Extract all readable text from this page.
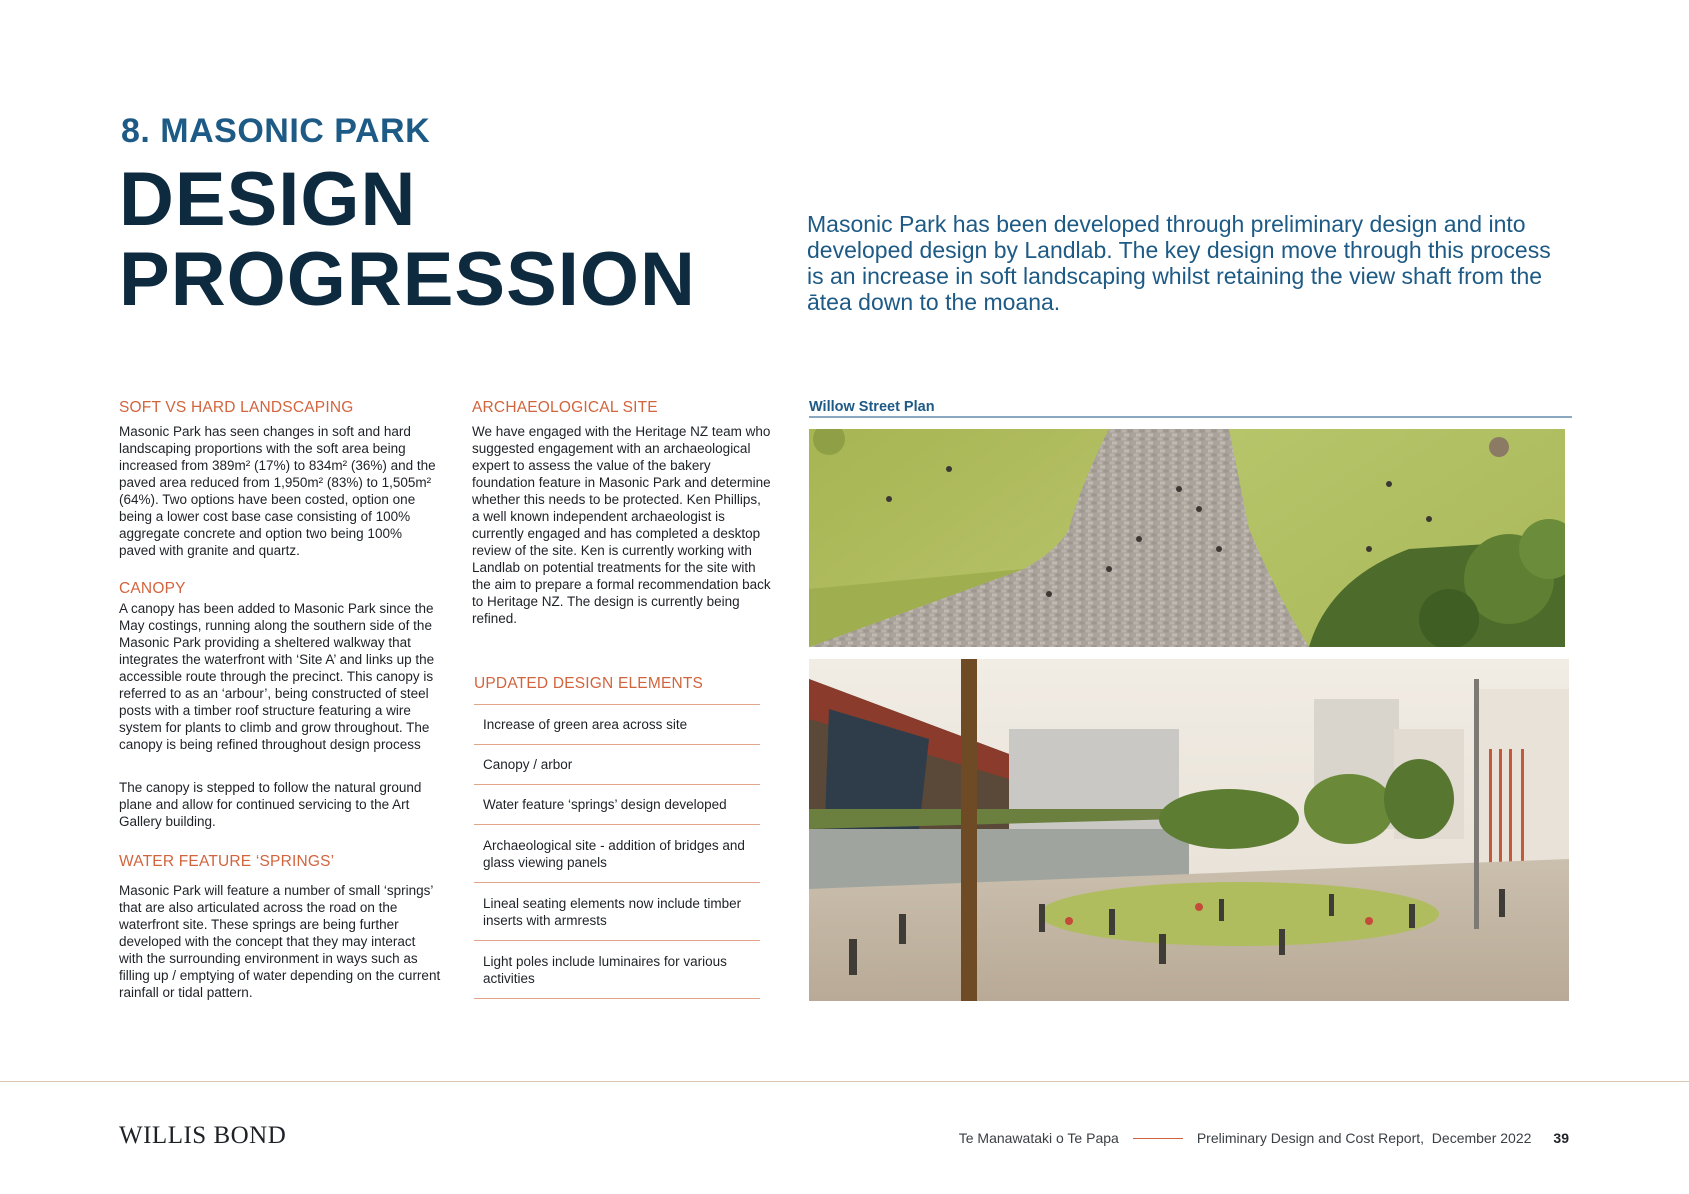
8. MASONIC PARK
DESIGN
PROGRESSION
Masonic Park has been developed through preliminary design and into developed design by Landlab. The key design move through this process is an increase in soft landscaping whilst retaining the view shaft from the ātea down to the moana.
SOFT VS HARD LANDSCAPING
Masonic Park has seen changes in soft and hard landscaping proportions with the soft area being increased from 389m² (17%) to 834m² (36%) and the paved area reduced from 1,950m² (83%) to 1,505m² (64%). Two options have been costed, option one being a lower cost base case consisting of 100% aggregate concrete and option two being 100% paved with granite and quartz.
CANOPY
A canopy has been added to Masonic Park since the May costings, running along the southern side of the Masonic Park providing a sheltered walkway that integrates the waterfront with ‘Site A’ and links up the accessible route through the precinct. This canopy is referred to as an ‘arbour’, being constructed of steel posts with a timber roof structure featuring a wire system for plants to climb and grow throughout. The canopy is being refined throughout design process
The canopy is stepped to follow the natural ground plane and allow for continued servicing to the Art Gallery building.
WATER FEATURE ‘SPRINGS’
Masonic Park will feature a number of small ‘springs’ that are also articulated across the road on the waterfront site. These springs are being further developed with the concept that they may interact with the surrounding environment in ways such as filling up / emptying of water depending on the current rainfall or tidal pattern.
ARCHAEOLOGICAL SITE
We have engaged with the Heritage NZ team who suggested engagement with an archaeological expert to assess the value of the bakery foundation feature in Masonic Park and determine whether this needs to be protected. Ken Phillips, a well known independent archaeologist is currently engaged and has completed a desktop review of the site. Ken is currently working with Landlab on potential treatments for the site with the aim to prepare a formal recommendation back to Heritage NZ. The design is currently being refined.
UPDATED DESIGN ELEMENTS
Increase of green area across site
Canopy / arbor
Water feature ‘springs’ design developed
Archaeological site - addition of bridges and glass viewing panels
Lineal seating elements now include timber inserts with armrests
Light poles include luminaires for various activities
Willow Street Plan
WILLIS BOND	Te Manawataki o Te Papa	Preliminary Design and Cost Report,  December 2022 39
